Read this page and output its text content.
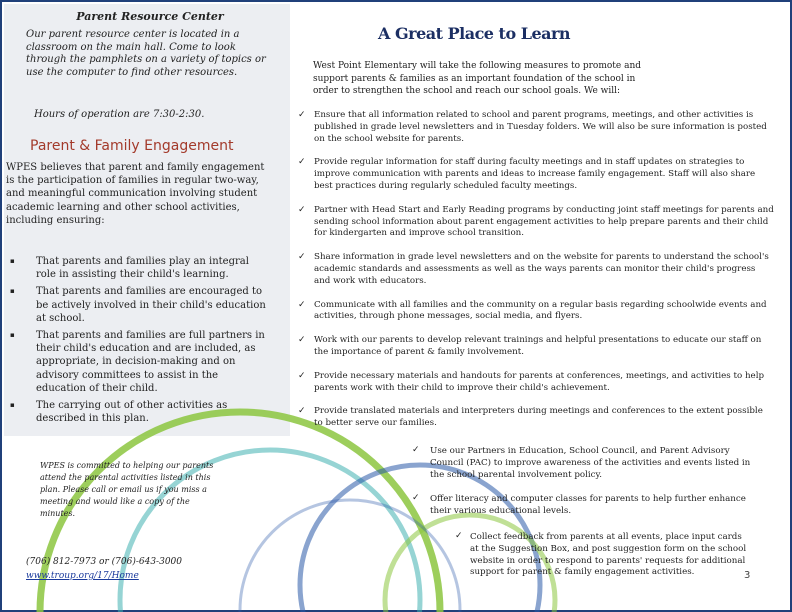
Parent Resource Center
Our parent resource center is located in a classroom on the main hall. Come to look through the pamphlets on a variety of topics or use the computer to find other resources.
Hours of operation are 7:30-2:30.
Parent & Family Engagement
WPES believes that parent and family engagement is the participation of families in regular two-way, and meaningful communication involving student academic learning and other school activities, including ensuring:
▪ That parents and families play an integral role in assisting their child's learning.
▪ That parents and families are encouraged to be actively involved in their child's education at school.
▪ That parents and families are full partners in their child's education and are included, as appropriate, in decision-making and on advisory committees to assist in the education of their child.
▪ The carrying out of other activities as described in this plan.
WPES is committed to helping our parents attend the parental activities listed in this plan. Please call or email us if you miss a meeting and would like a copy of the minutes.
(706) 812-7973 or (706)-643-3000
www.troup.org/17/Home
A Great Place to Learn
West Point Elementary will take the following measures to promote and support parents & families as an important foundation of the school in order to strengthen the school and reach our school goals. We will:
✓ Ensure that all information related to school and parent programs, meetings, and other activities is published in grade level newsletters and in Tuesday folders. We will also be sure information is posted on the school website for parents.
✓ Provide regular information for staff during faculty meetings and in staff updates on strategies to improve communication with parents and ideas to increase family engagement. Staff will also share best practices during regularly scheduled faculty meetings.
✓ Partner with Head Start and Early Reading programs by conducting joint staff meetings for parents and sending school information about parent engagement activities to help prepare parents and their child for kindergarten and improve school transition.
✓ Share information in grade level newsletters and on the website for parents to understand the school's academic standards and assessments as well as the ways parents can monitor their child's progress and work with educators.
✓ Communicate with all families and the community on a regular basis regarding schoolwide events and activities, through phone messages, social media, and flyers.
✓ Work with our parents to develop relevant trainings and helpful presentations to educate our staff on the importance of parent & family involvement.
✓ Provide necessary materials and handouts for parents at conferences, meetings, and activities to help parents work with their child to improve their child's achievement.
✓ Provide translated materials and interpreters during meetings and conferences to the extent possible to better serve our families.
✓ Use our Partners in Education, School Council, and Parent Advisory Council (PAC) to improve awareness of the activities and events listed in the school parental involvement policy.
✓ Offer literacy and computer classes for parents to help further enhance their various educational levels.
✓ Collect feedback from parents at all events, place input cards at the Suggestion Box, and post suggestion form on the school website in order to respond to parents' requests for additional support for parent & family engagement activities.	3
